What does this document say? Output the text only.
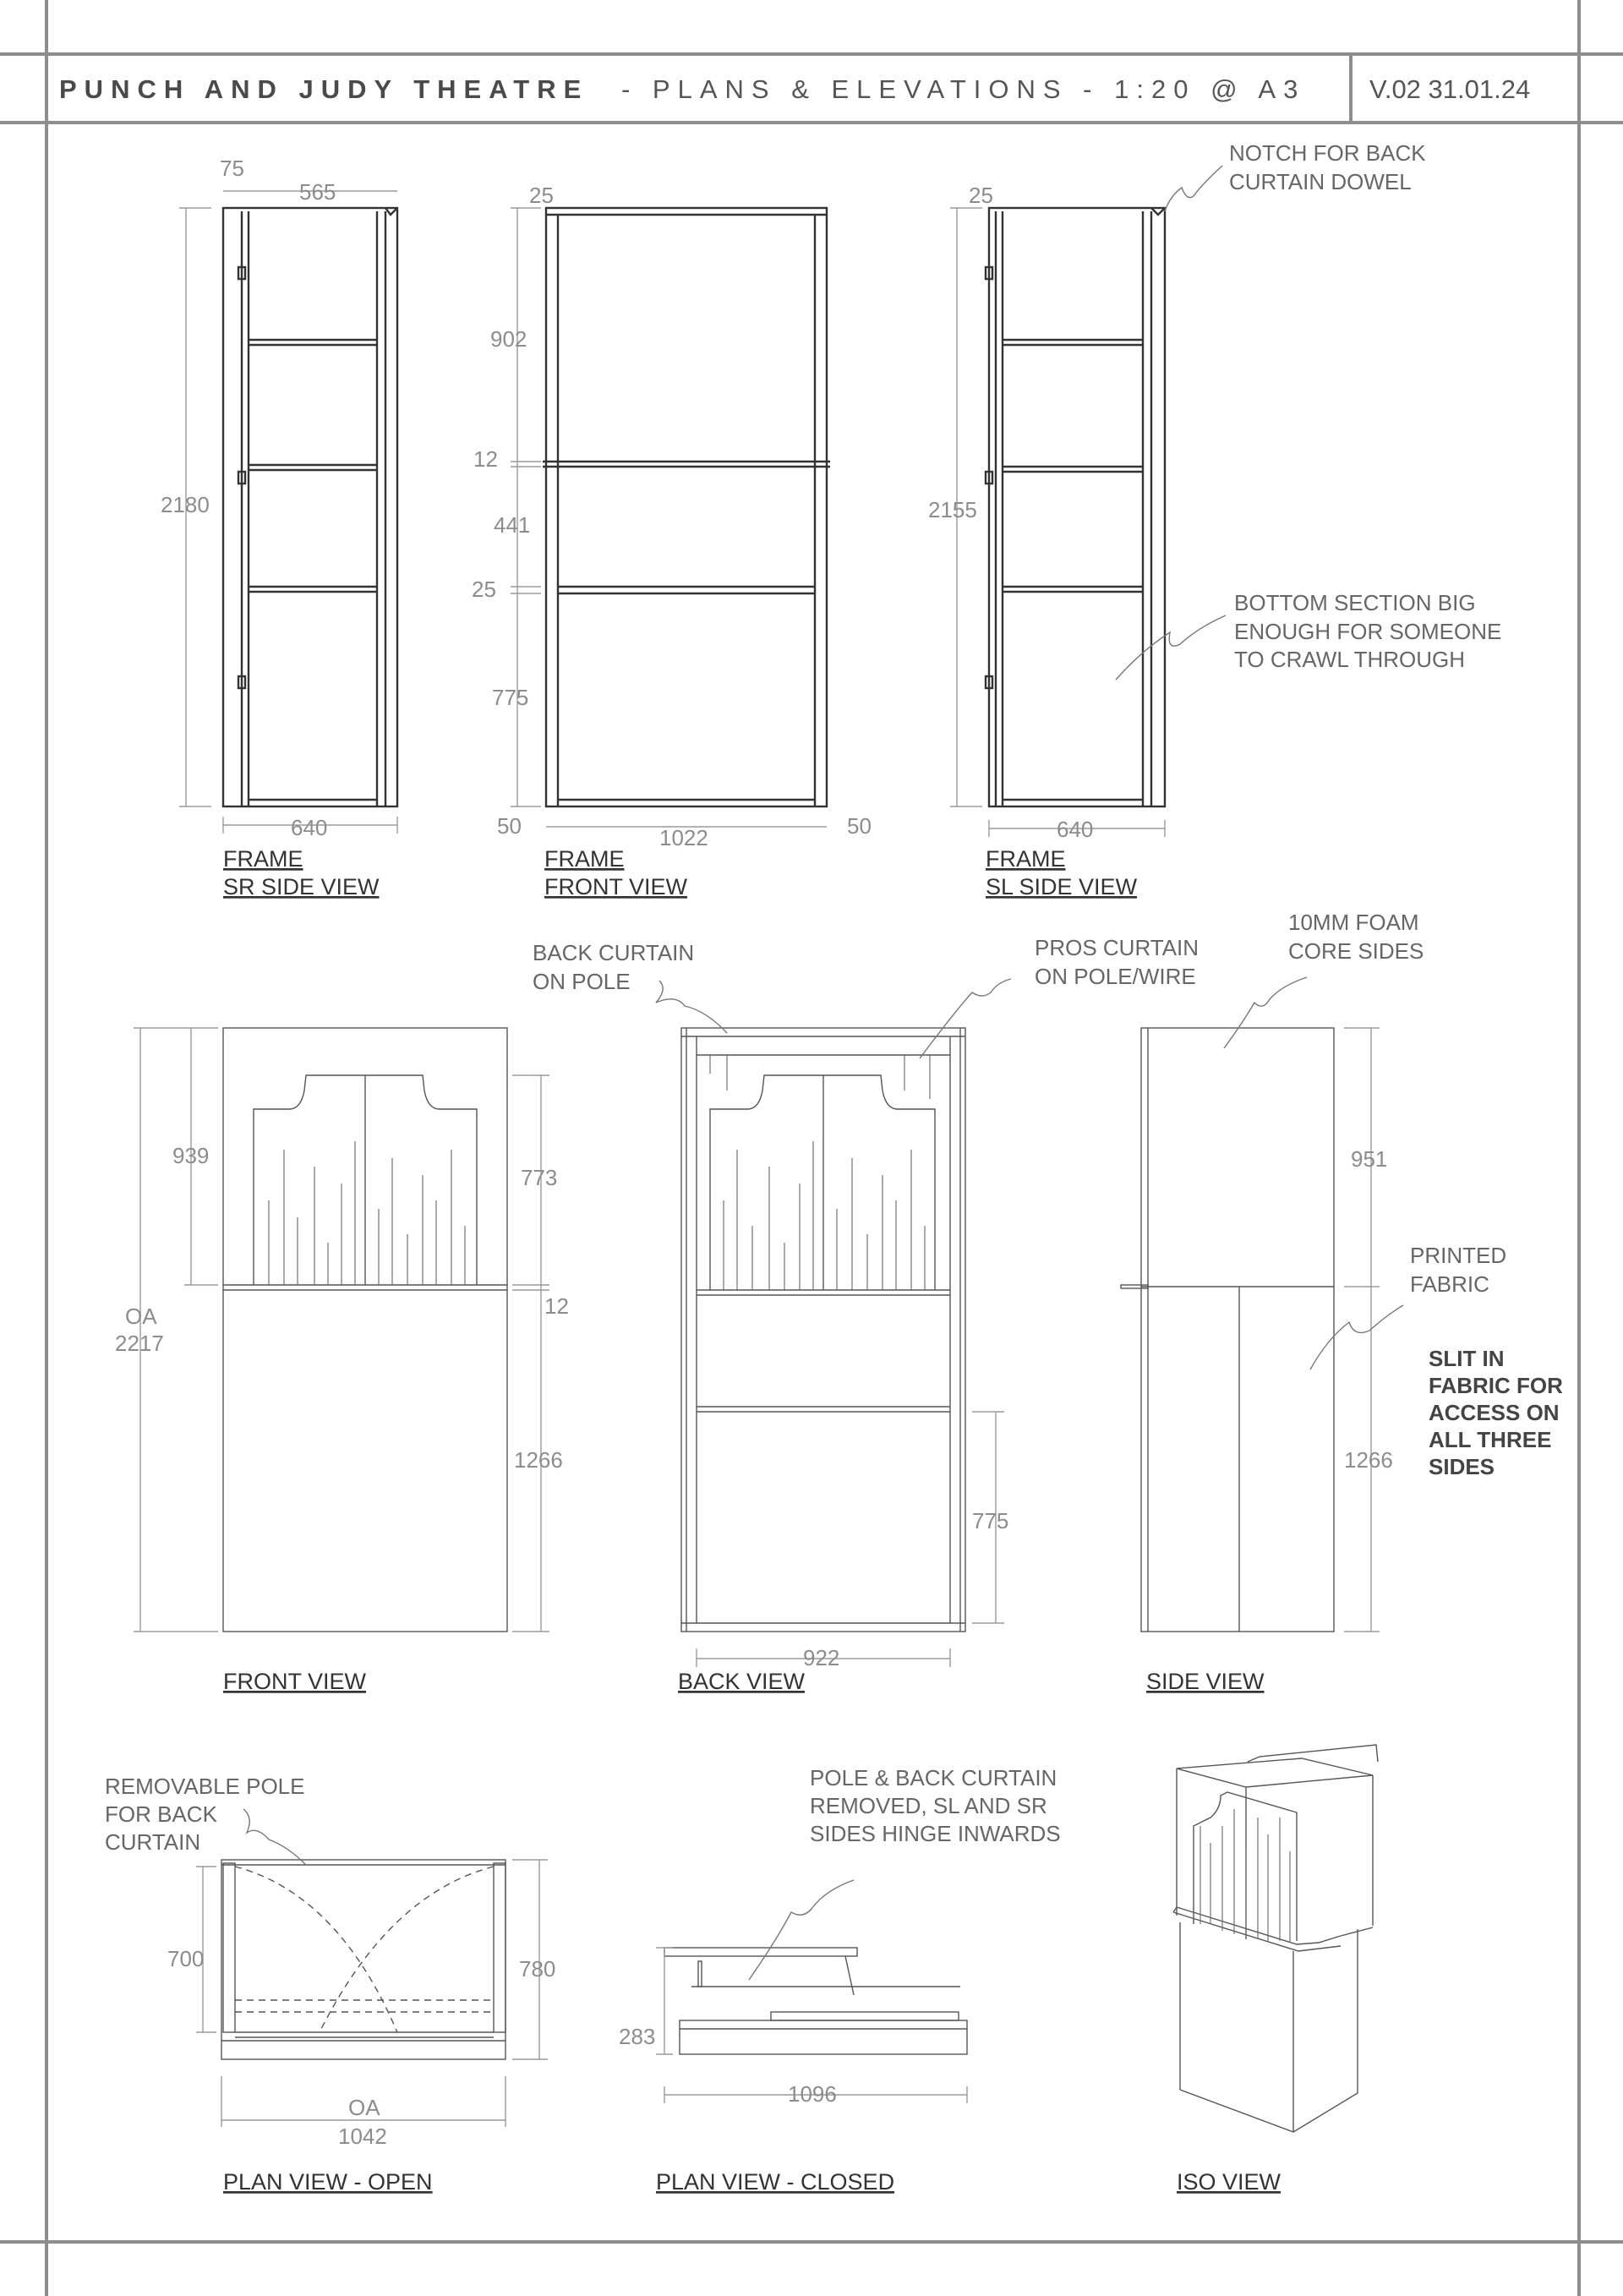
PUNCH AND JUDY THEATRE - PLANS & ELEVATIONS - 1:20 @ A3 V.02 31.01.24
75
565
2180
640
FRAME
SR SIDE VIEW
25
902
12
441
25
775
50	1022	50
FRAME
FRONT VIEW
25
2155
640
FRAME
SL SIDE VIEW
NOTCH FOR BACK
CURTAIN DOWEL
BOTTOM SECTION BIG
ENOUGH FOR SOMEONE
TO CRAWL THROUGH
939
OA
2217
773
12
1266
FRONT VIEW
775
922
BACK VIEW
951
1266
SIDE VIEW
BACK CURTAIN
ON POLE
PROS CURTAIN
ON POLE/WIRE
10MM FOAM
CORE SIDES
PRINTED
FABRIC
SLIT IN
FABRIC FOR
ACCESS ON
ALL THREE
SIDES
700	780
OA
1042
PLAN VIEW - OPEN
283
1096
PLAN VIEW - CLOSED
REMOVABLE POLE
FOR BACK
CURTAIN
POLE & BACK CURTAIN
REMOVED, SL AND SR
SIDES HINGE INWARDS
ISO VIEW
